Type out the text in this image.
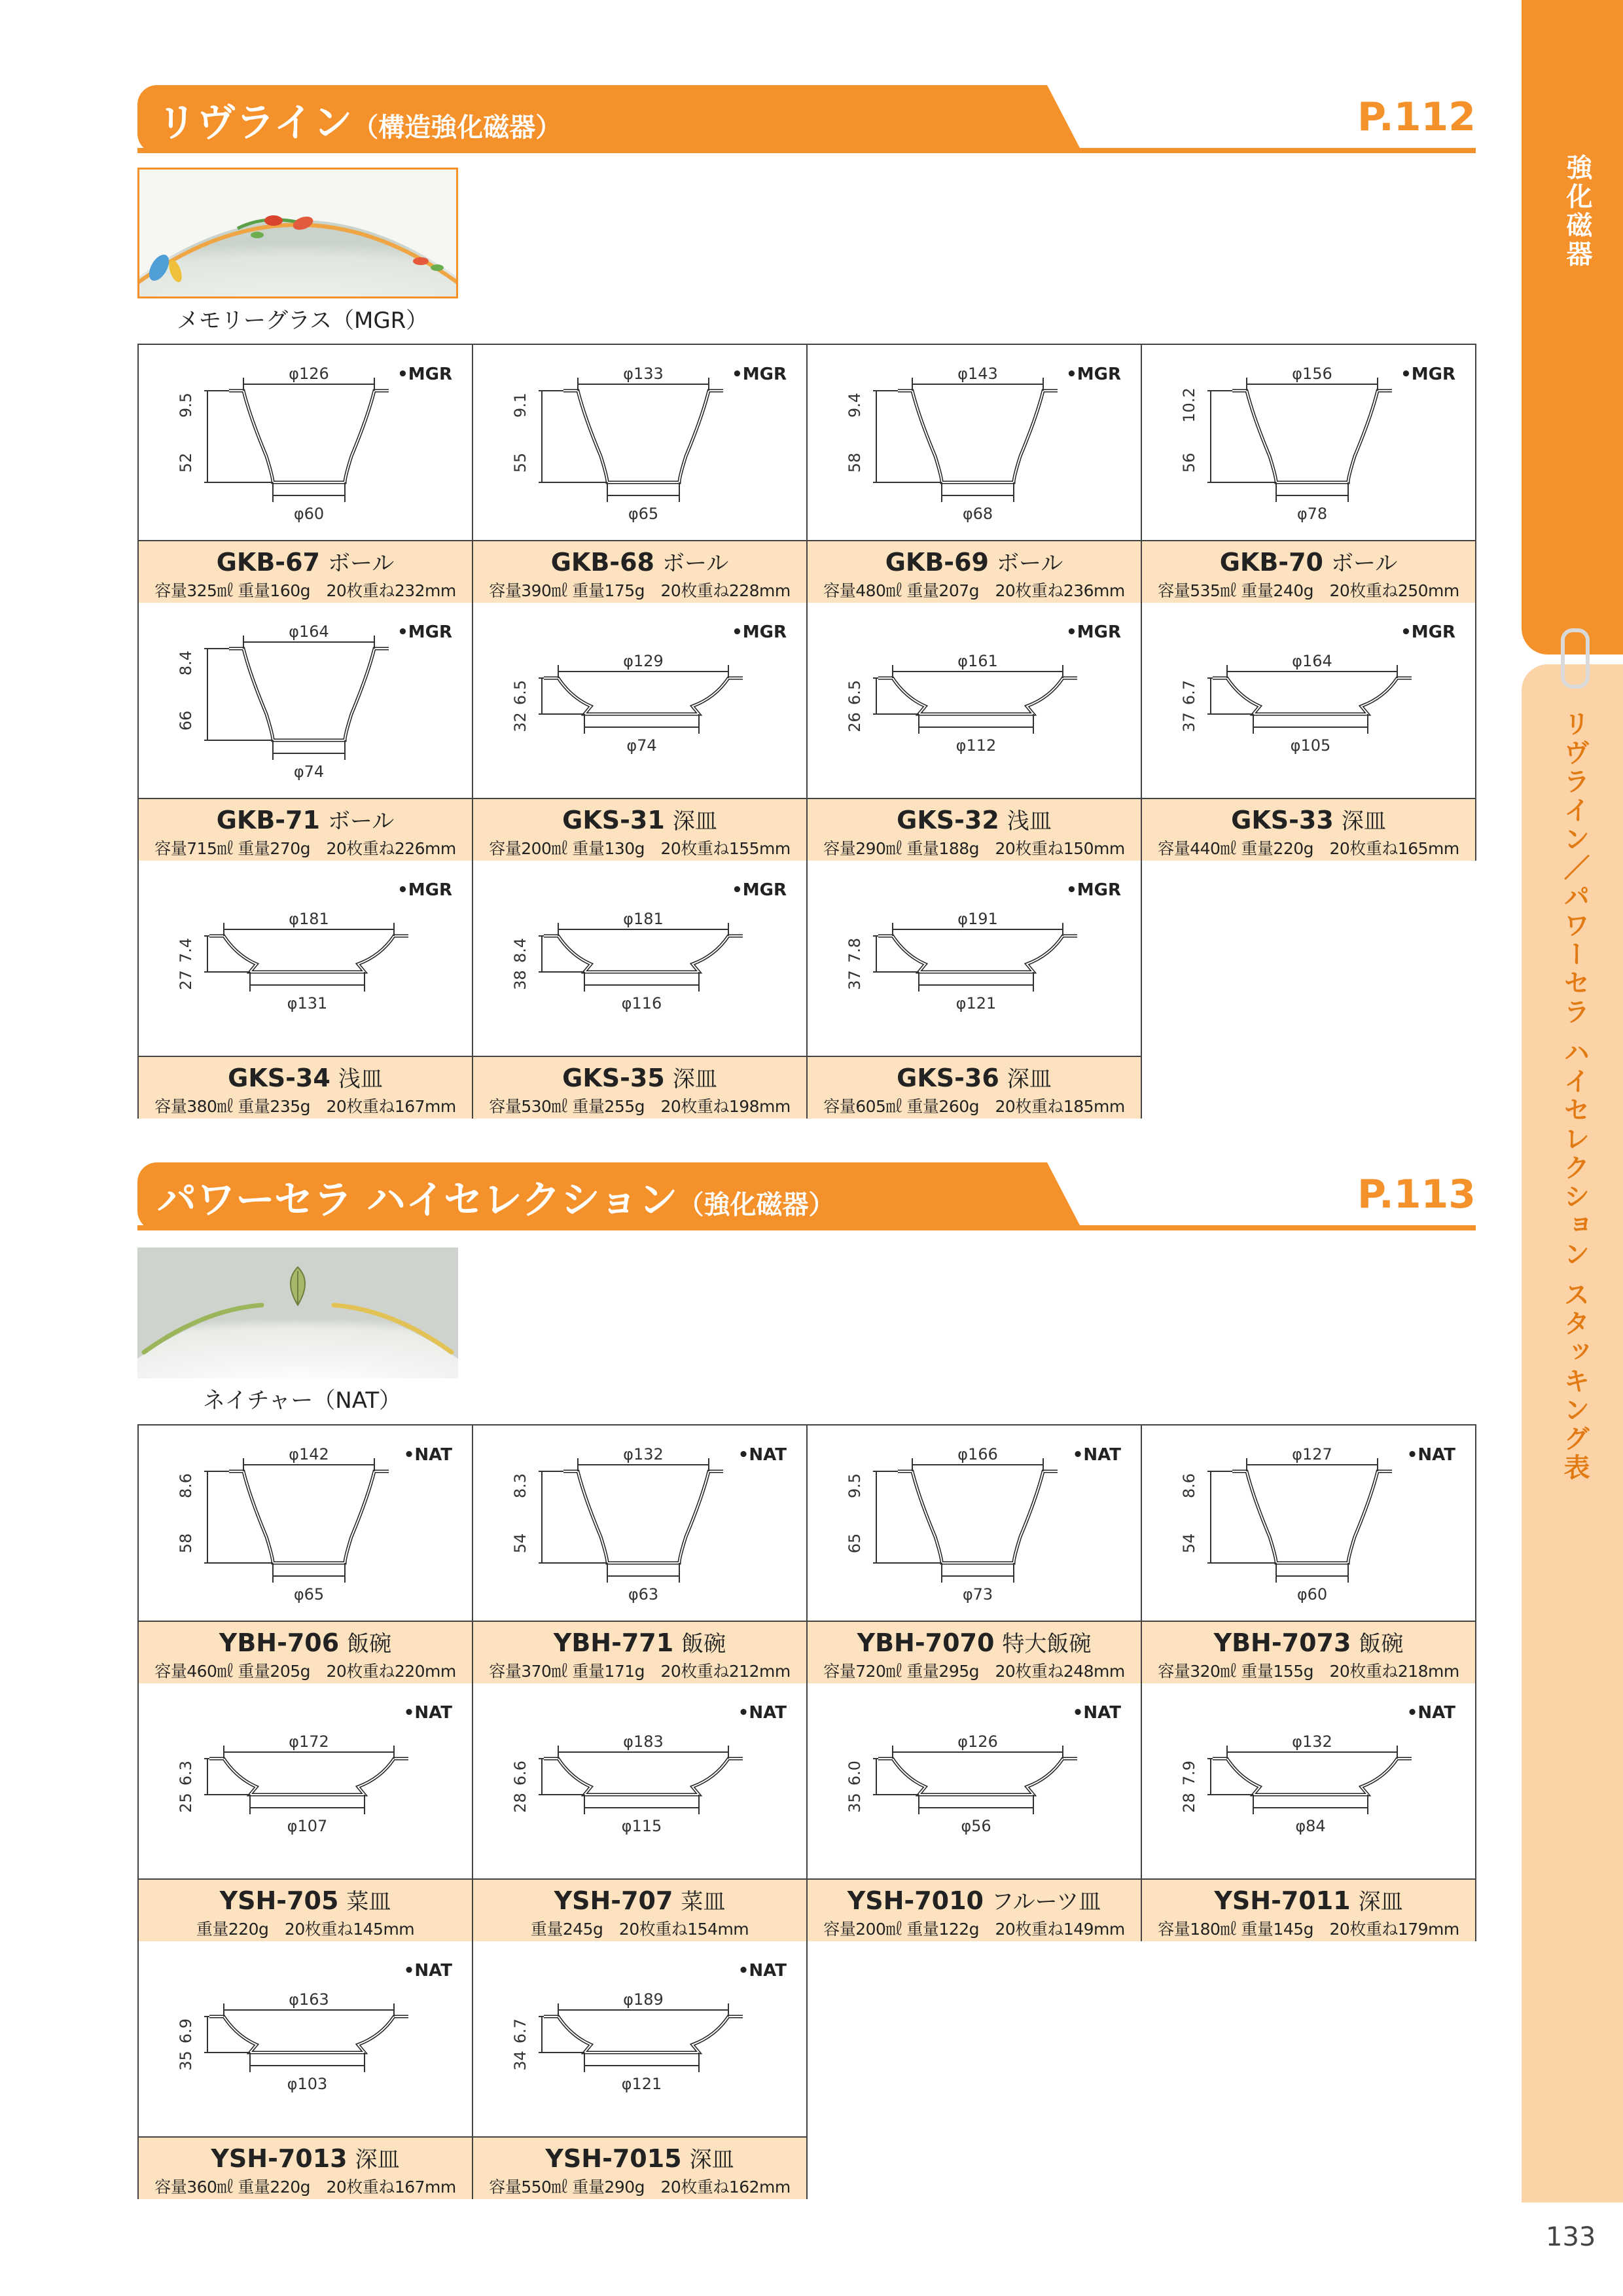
強化磁器
リヴライン／パワーセラ ハイセレクション スタッキング表
リヴライン（構造強化磁器）	P.112
メモリーグラス（MGR）
φ126
φ60
52
9.5
•MGR
GKB-67 ボール
容量325㎖ 重量160g　20枚重ね232mm
φ133
φ65
55
9.1
•MGR
GKB-68 ボール
容量390㎖ 重量175g　20枚重ね228mm
φ143
φ68
58
9.4
•MGR
GKB-69 ボール
容量480㎖ 重量207g　20枚重ね236mm
φ156
φ78
56
10.2
•MGR
GKB-70 ボール
容量535㎖ 重量240g　20枚重ね250mm
φ164
φ74
66
8.4
•MGR
GKB-71 ボール
容量715㎖ 重量270g　20枚重ね226mm
φ129
φ74
32
6.5
•MGR
GKS-31 深皿
容量200㎖ 重量130g　20枚重ね155mm
φ161
φ112
26
6.5
•MGR
GKS-32 浅皿
容量290㎖ 重量188g　20枚重ね150mm
φ164
φ105
37
6.7
•MGR
GKS-33 深皿
容量440㎖ 重量220g　20枚重ね165mm
φ181
φ131
27
7.4
•MGR
GKS-34 浅皿
容量380㎖ 重量235g　20枚重ね167mm
φ181
φ116
38
8.4
•MGR
GKS-35 深皿
容量530㎖ 重量255g　20枚重ね198mm
φ191
φ121
37
7.8
•MGR
GKS-36 深皿
容量605㎖ 重量260g　20枚重ね185mm
パワーセラ ハイセレクション（強化磁器）	P.113
ネイチャー（NAT）
φ142
φ65
58
8.6
•NAT
YBH-706 飯碗
容量460㎖ 重量205g　20枚重ね220mm
φ132
φ63
54
8.3
•NAT
YBH-771 飯碗
容量370㎖ 重量171g　20枚重ね212mm
φ166
φ73
65
9.5
•NAT
YBH-7070 特大飯碗
容量720㎖ 重量295g　20枚重ね248mm
φ127
φ60
54
8.6
•NAT
YBH-7073 飯碗
容量320㎖ 重量155g　20枚重ね218mm
φ172
φ107
25
6.3
•NAT
YSH-705 菜皿
重量220g　20枚重ね145mm
φ183
φ115
28
6.6
•NAT
YSH-707 菜皿
重量245g　20枚重ね154mm
φ126
φ56
35
6.0
•NAT
YSH-7010 フルーツ皿
容量200㎖ 重量122g　20枚重ね149mm
φ132
φ84
28
7.9
•NAT
YSH-7011 深皿
容量180㎖ 重量145g　20枚重ね179mm
φ163
φ103
35
6.9
•NAT
YSH-7013 深皿
容量360㎖ 重量220g　20枚重ね167mm
φ189
φ121
34
6.7
•NAT
YSH-7015 深皿
容量550㎖ 重量290g　20枚重ね162mm
133
